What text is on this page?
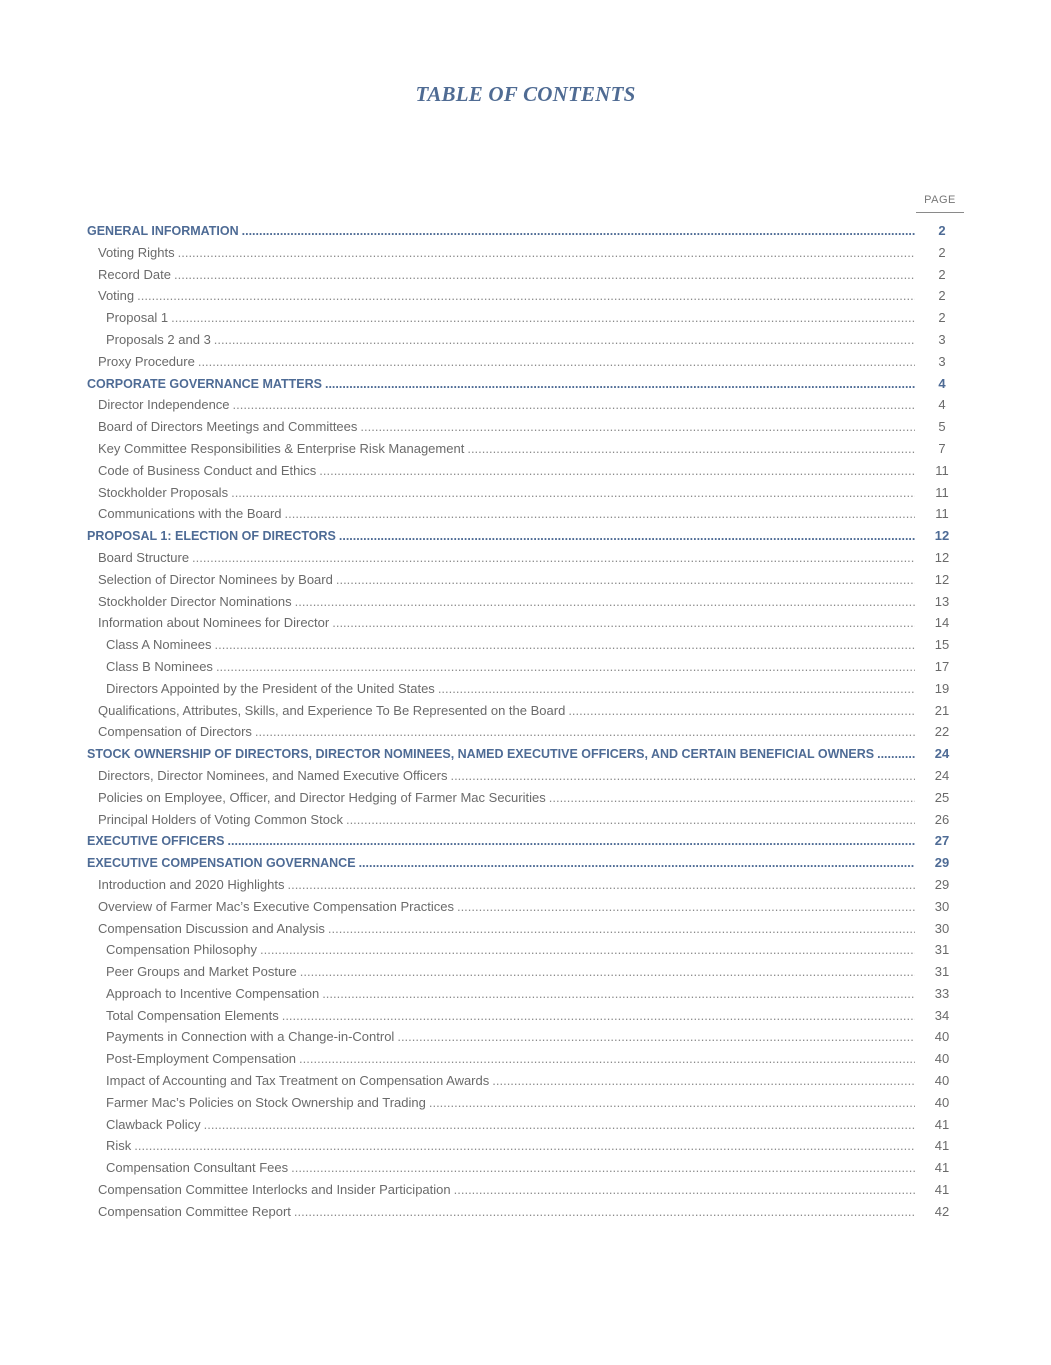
TABLE OF CONTENTS
PAGE
GENERAL INFORMATION .....	2
Voting Rights .....	2
Record Date .....	2
Voting .....	2
Proposal 1 .....	2
Proposals 2 and 3 .....	3
Proxy Procedure .....	3
CORPORATE GOVERNANCE MATTERS .....	4
Director Independence .....	4
Board of Directors Meetings and Committees .....	5
Key Committee Responsibilities & Enterprise Risk Management .....	7
Code of Business Conduct and Ethics .....	11
Stockholder Proposals .....	11
Communications with the Board .....	11
PROPOSAL 1: ELECTION OF DIRECTORS .....	12
Board Structure .....	12
Selection of Director Nominees by Board .....	12
Stockholder Director Nominations .....	13
Information about Nominees for Director .....	14
Class A Nominees .....	15
Class B Nominees .....	17
Directors Appointed by the President of the United States .....	19
Qualifications, Attributes, Skills, and Experience To Be Represented on the Board .....	21
Compensation of Directors .....	22
STOCK OWNERSHIP OF DIRECTORS, DIRECTOR NOMINEES, NAMED EXECUTIVE OFFICERS, AND CERTAIN BENEFICIAL OWNERS .....	24
Directors, Director Nominees, and Named Executive Officers .....	24
Policies on Employee, Officer, and Director Hedging of Farmer Mac Securities .....	25
Principal Holders of Voting Common Stock .....	26
EXECUTIVE OFFICERS .....	27
EXECUTIVE COMPENSATION GOVERNANCE .....	29
Introduction and 2020 Highlights .....	29
Overview of Farmer Mac’s Executive Compensation Practices .....	30
Compensation Discussion and Analysis .....	30
Compensation Philosophy .....	31
Peer Groups and Market Posture .....	31
Approach to Incentive Compensation .....	33
Total Compensation Elements .....	34
Payments in Connection with a Change-in-Control .....	40
Post-Employment Compensation .....	40
Impact of Accounting and Tax Treatment on Compensation Awards .....	40
Farmer Mac’s Policies on Stock Ownership and Trading .....	40
Clawback Policy .....	41
Risk .....	41
Compensation Consultant Fees .....	41
Compensation Committee Interlocks and Insider Participation .....	41
Compensation Committee Report .....	42
